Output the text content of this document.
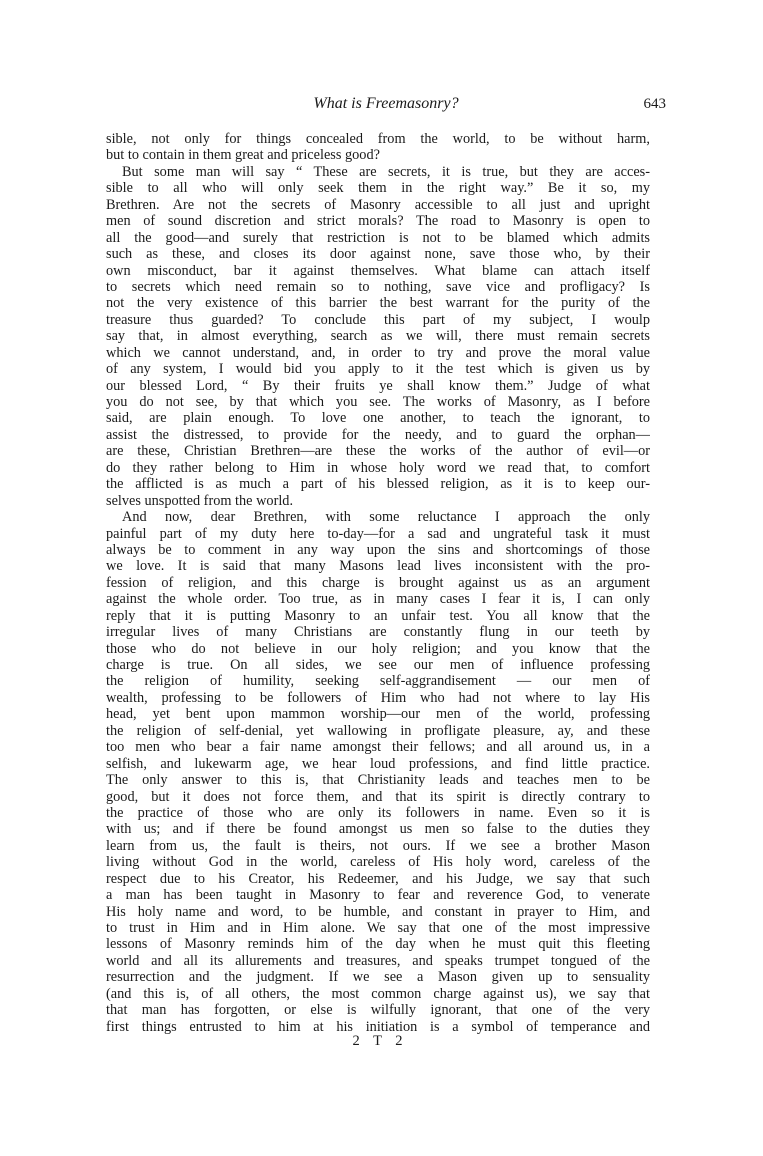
What is Freemasonry?	643
sible, not only for things concealed from the world, to be without harm,
but to contain in them great and priceless good?
But some man will say “ These are secrets, it is true, but they are acces-
sible to all who will only seek them in the right way.” Be it so, my
Brethren. Are not the secrets of Masonry accessible to all just and upright
men of sound discretion and strict morals? The road to Masonry is open to
all the good—and surely that restriction is not to be blamed which admits
such as these, and closes its door against none, save those who, by their
own misconduct, bar it against themselves. What blame can attach itself
to secrets which need remain so to nothing, save vice and profligacy? Is
not the very existence of this barrier the best warrant for the purity of the
treasure thus guarded? To conclude this part of my subject, I woulp
say that, in almost everything, search as we will, there must remain secrets
which we cannot understand, and, in order to try and prove the moral value
of any system, I would bid you apply to it the test which is given us by
our blessed Lord, “ By their fruits ye shall know them.” Judge of what
you do not see, by that which you see. The works of Masonry, as I before
said, are plain enough. To love one another, to teach the ignorant, to
assist the distressed, to provide for the needy, and to guard the orphan—
are these, Christian Brethren—are these the works of the author of evil—or
do they rather belong to Him in whose holy word we read that, to comfort
the afflicted is as much a part of his blessed religion, as it is to keep our-
selves unspotted from the world.
And now, dear Brethren, with some reluctance I approach the only
painful part of my duty here to-day—for a sad and ungrateful task it must
always be to comment in any way upon the sins and shortcomings of those
we love. It is said that many Masons lead lives inconsistent with the pro-
fession of religion, and this charge is brought against us as an argument
against the whole order. Too true, as in many cases I fear it is, I can only
reply that it is putting Masonry to an unfair test. You all know that the
irregular lives of many Christians are constantly flung in our teeth by
those who do not believe in our holy religion; and you know that the
charge is true. On all sides, we see our men of influence professing
the religion of humility, seeking self-aggrandisement — our men of
wealth, professing to be followers of Him who had not where to lay His
head, yet bent upon mammon worship—our men of the world, professing
the religion of self-denial, yet wallowing in profligate pleasure, ay, and these
too men who bear a fair name amongst their fellows; and all around us, in a
selfish, and lukewarm age, we hear loud professions, and find little practice.
The only answer to this is, that Christianity leads and teaches men to be
good, but it does not force them, and that its spirit is directly contrary to
the practice of those who are only its followers in name. Even so it is
with us; and if there be found amongst us men so false to the duties they
learn from us, the fault is theirs, not ours. If we see a brother Mason
living without God in the world, careless of His holy word, careless of the
respect due to his Creator, his Redeemer, and his Judge, we say that such
a man has been taught in Masonry to fear and reverence God, to venerate
His holy name and word, to be humble, and constant in prayer to Him, and
to trust in Him and in Him alone. We say that one of the most impressive
lessons of Masonry reminds him of the day when he must quit this fleeting
world and all its allurements and treasures, and speaks trumpet tongued of the
resurrection and the judgment. If we see a Mason given up to sensuality
(and this is, of all others, the most common charge against us), we say that
that man has forgotten, or else is wilfully ignorant, that one of the very
first things entrusted to him at his initiation is a symbol of temperance and
2 T 2
